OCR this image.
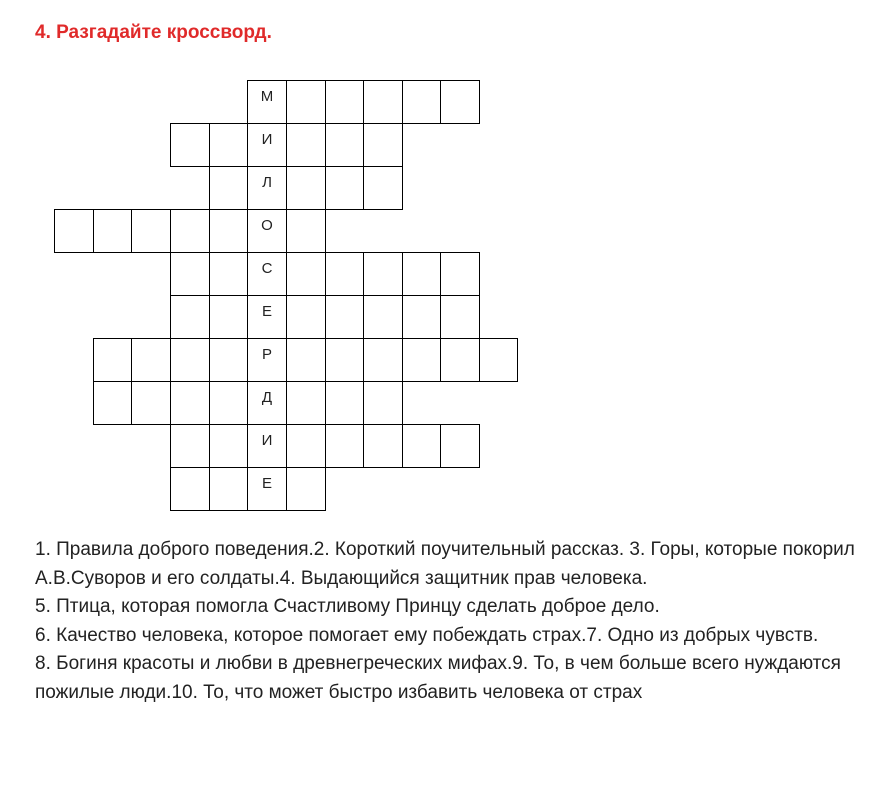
4. Разгадайте кроссворд.
М
И
Л
О
С
Е
Р
Д
И
Е
1. Правила доброго поведения.2. Короткий поучительный рассказ. 3. Горы, которые покорил А.В.Суворов и его солдаты.4. Выдающийся защитник прав человека.
5. Птица, которая помогла Счастливому Принцу сделать доброе дело.
6. Качество человека, которое помогает ему побеждать страх.7. Одно из добрых чувств.
8. Богиня красоты и любви в древнегреческих мифах.9. То, в чем больше всего нуждаются пожилые люди.10. То, что может быстро избавить человека от страх
